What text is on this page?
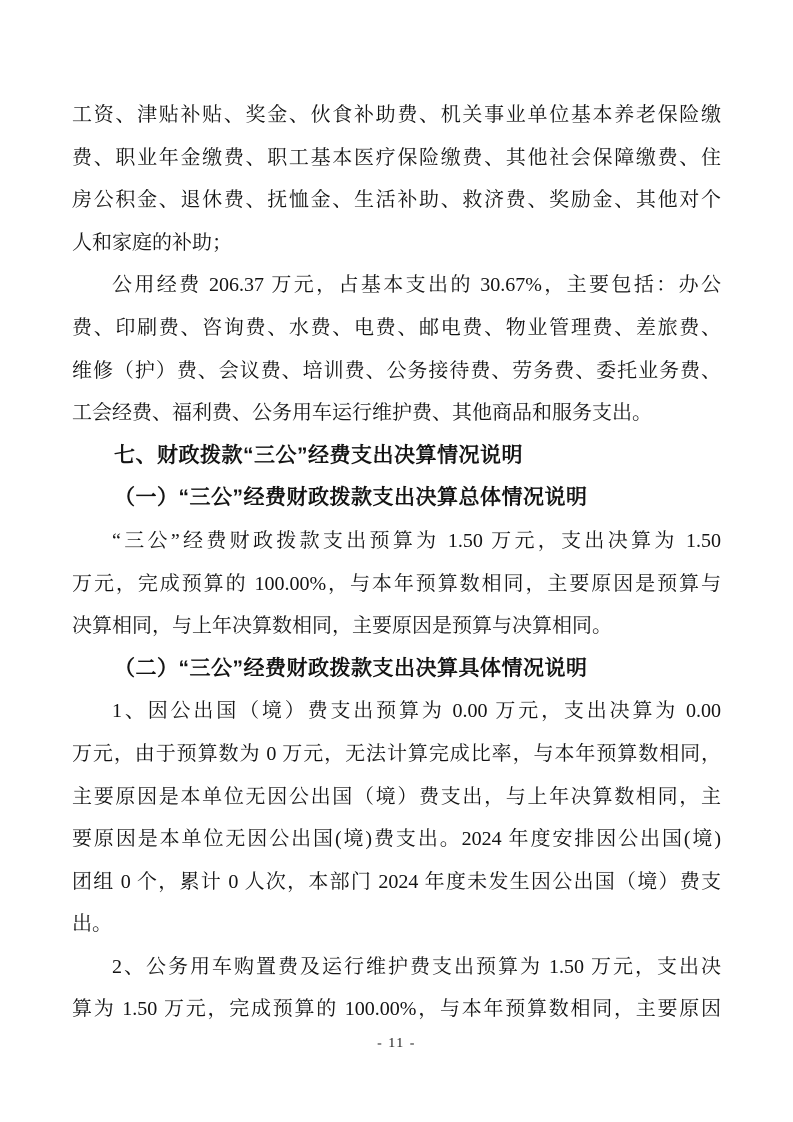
工资、津贴补贴、奖金、伙食补助费、机关事业单位基本养老保险缴
费、职业年金缴费、职工基本医疗保险缴费、其他社会保障缴费、住
房公积金、退休费、抚恤金、生活补助、救济费、奖励金、其他对个
人和家庭的补助；
公用经费 206.37 万元，占基本支出的 30.67%，主要包括：办公
费、印刷费、咨询费、水费、电费、邮电费、物业管理费、差旅费、
维修（护）费、会议费、培训费、公务接待费、劳务费、委托业务费、
工会经费、福利费、公务用车运行维护费、其他商品和服务支出。
七、财政拨款“三公”经费支出决算情况说明
（一）“三公”经费财政拨款支出决算总体情况说明
“三公”经费财政拨款支出预算为 1.50 万元，支出决算为 1.50
万元，完成预算的 100.00%，与本年预算数相同，主要原因是预算与
决算相同，与上年决算数相同，主要原因是预算与决算相同。
（二）“三公”经费财政拨款支出决算具体情况说明
1、因公出国（境）费支出预算为 0.00 万元，支出决算为 0.00
万元，由于预算数为 0 万元，无法计算完成比率，与本年预算数相同，
主要原因是本单位无因公出国（境）费支出，与上年决算数相同，主
要原因是本单位无因公出国(境)费支出。2024 年度安排因公出国(境)
团组 0 个，累计 0 人次，本部门 2024 年度未发生因公出国（境）费支
出。
2、公务用车购置费及运行维护费支出预算为 1.50 万元，支出决
算为 1.50 万元，完成预算的 100.00%，与本年预算数相同，主要原因
- 11 -
